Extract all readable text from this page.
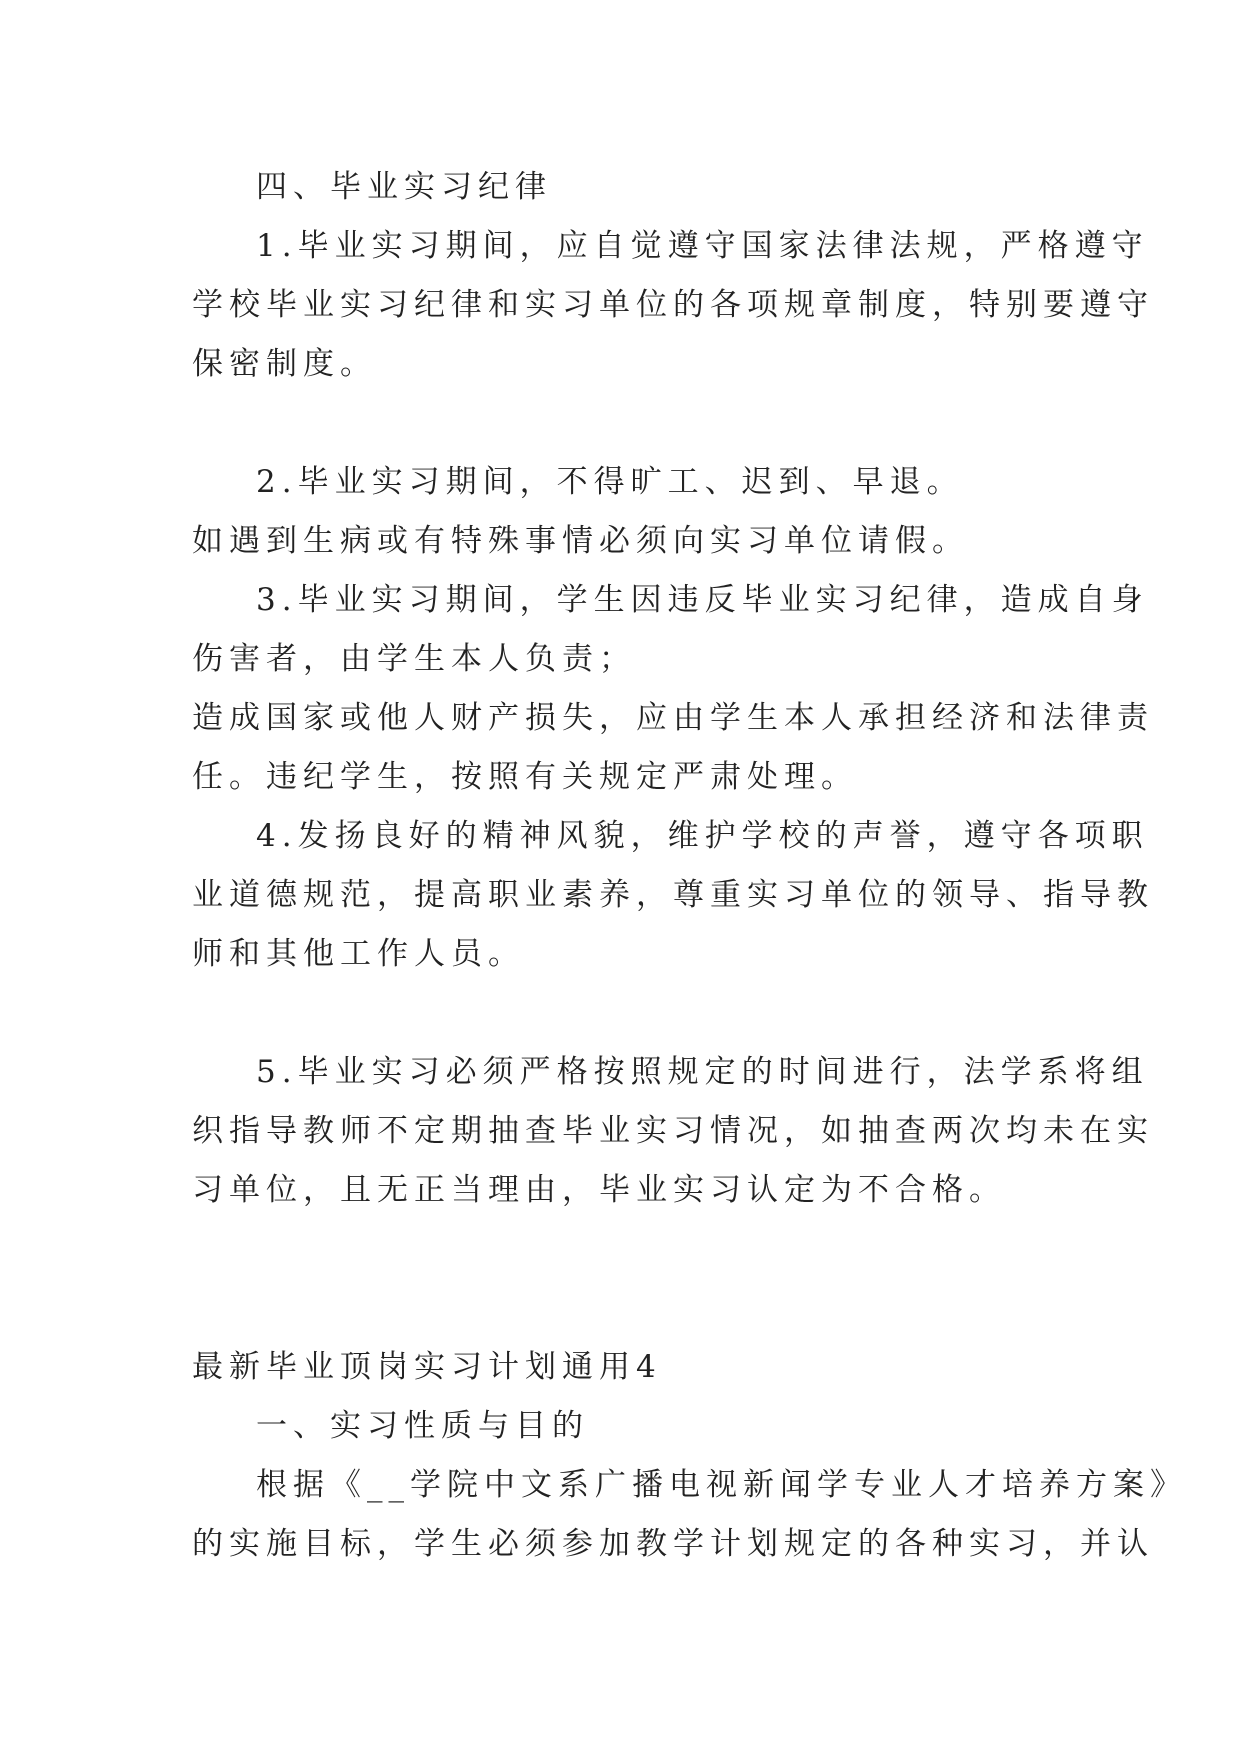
四、毕业实习纪律
1.毕业实习期间，应自觉遵守国家法律法规，严格遵守
学校毕业实习纪律和实习单位的各项规章制度，特别要遵守
保密制度。
2.毕业实习期间，不得旷工、迟到、早退。
如遇到生病或有特殊事情必须向实习单位请假。
3.毕业实习期间，学生因违反毕业实习纪律，造成自身
伤害者，由学生本人负责；
造成国家或他人财产损失，应由学生本人承担经济和法律责
任。违纪学生，按照有关规定严肃处理。
4.发扬良好的精神风貌，维护学校的声誉，遵守各项职
业道德规范，提高职业素养，尊重实习单位的领导、指导教
师和其他工作人员。
5.毕业实习必须严格按照规定的时间进行，法学系将组
织指导教师不定期抽查毕业实习情况，如抽查两次均未在实
习单位，且无正当理由，毕业实习认定为不合格。
最新毕业顶岗实习计划通用4
一、实习性质与目的
根据《__学院中文系广播电视新闻学专业人才培养方案》
的实施目标，学生必须参加教学计划规定的各种实习，并认
